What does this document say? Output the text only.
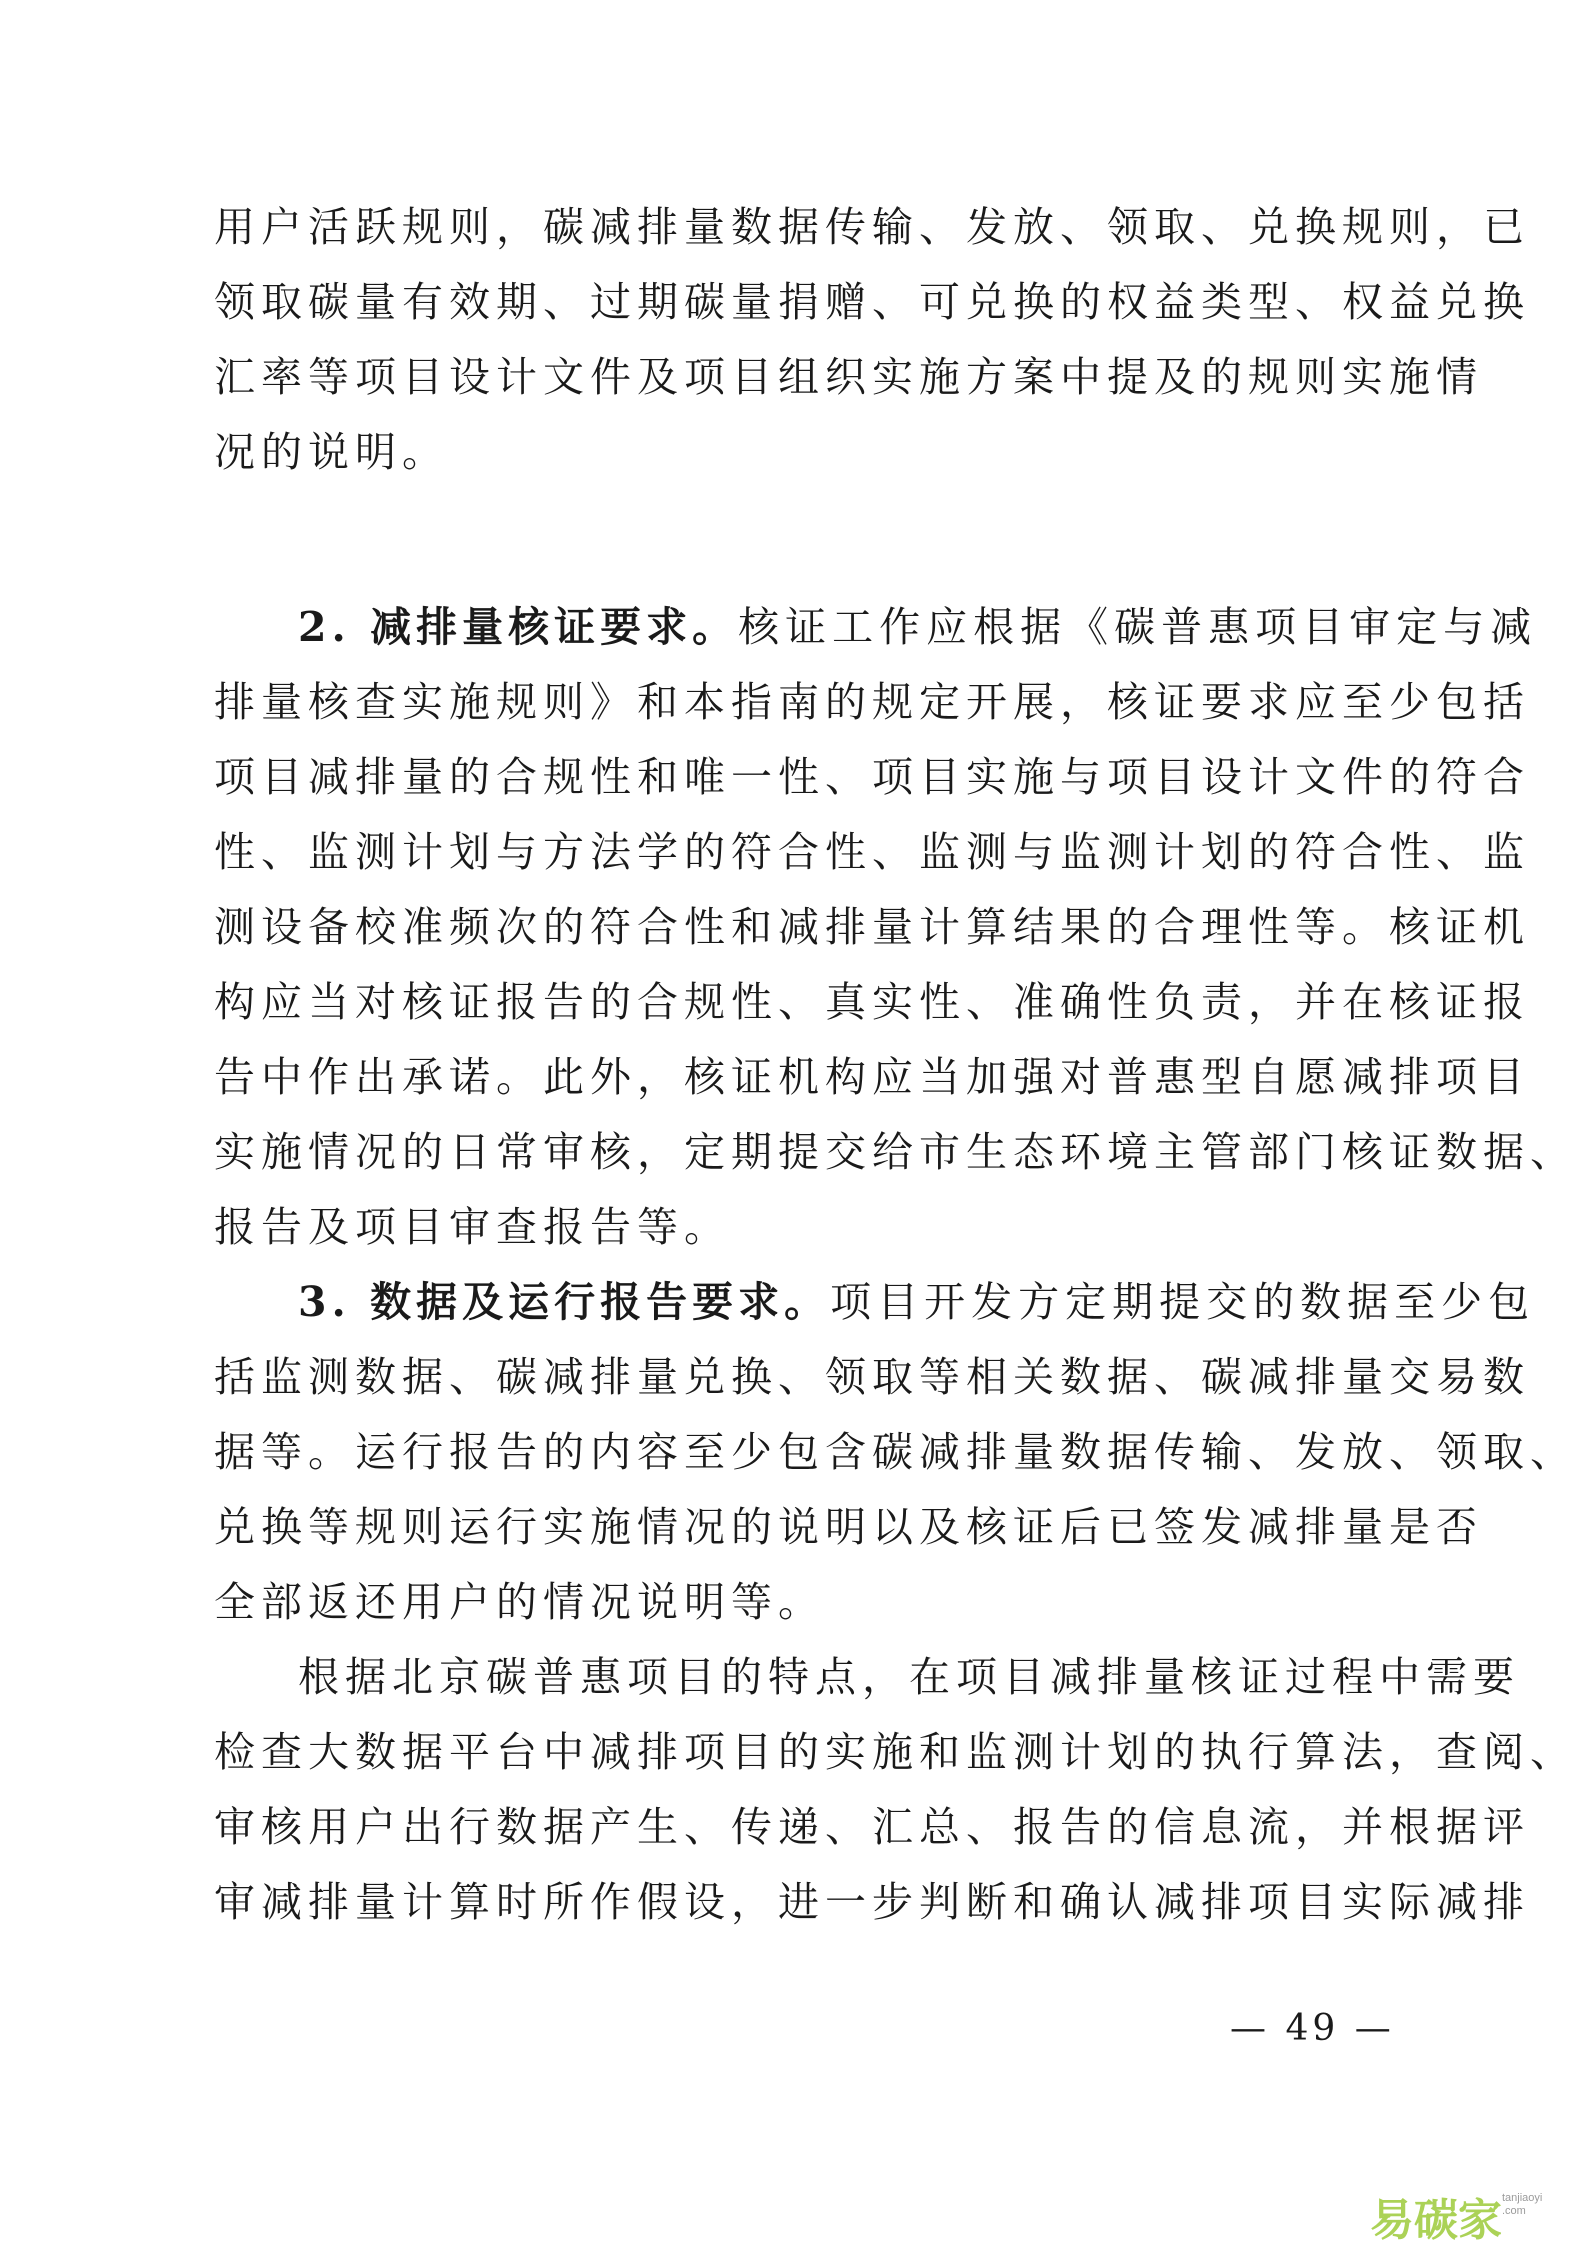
用户活跃规则，碳减排量数据传输、发放、领取、兑换规则，已
领取碳量有效期、过期碳量捐赠、可兑换的权益类型、权益兑换
汇率等项目设计文件及项目组织实施方案中提及的规则实施情
况的说明。
2. 减排量核证要求。核证工作应根据《碳普惠项目审定与减
排量核查实施规则》和本指南的规定开展，核证要求应至少包括
项目减排量的合规性和唯一性、项目实施与项目设计文件的符合
性、监测计划与方法学的符合性、监测与监测计划的符合性、监
测设备校准频次的符合性和减排量计算结果的合理性等。核证机
构应当对核证报告的合规性、真实性、准确性负责，并在核证报
告中作出承诺。此外，核证机构应当加强对普惠型自愿减排项目
实施情况的日常审核，定期提交给市生态环境主管部门核证数据、
报告及项目审查报告等。
3. 数据及运行报告要求。项目开发方定期提交的数据至少包
括监测数据、碳减排量兑换、领取等相关数据、碳减排量交易数
据等。运行报告的内容至少包含碳减排量数据传输、发放、领取、
兑换等规则运行实施情况的说明以及核证后已签发减排量是否
全部返还用户的情况说明等。
根据北京碳普惠项目的特点，在项目减排量核证过程中需要
检查大数据平台中减排项目的实施和监测计划的执行算法，查阅、
审核用户出行数据产生、传递、汇总、报告的信息流，并根据评
审减排量计算时所作假设，进一步判断和确认减排项目实际减排
— 49 —
易碳家 tanjiaoyi
.com
